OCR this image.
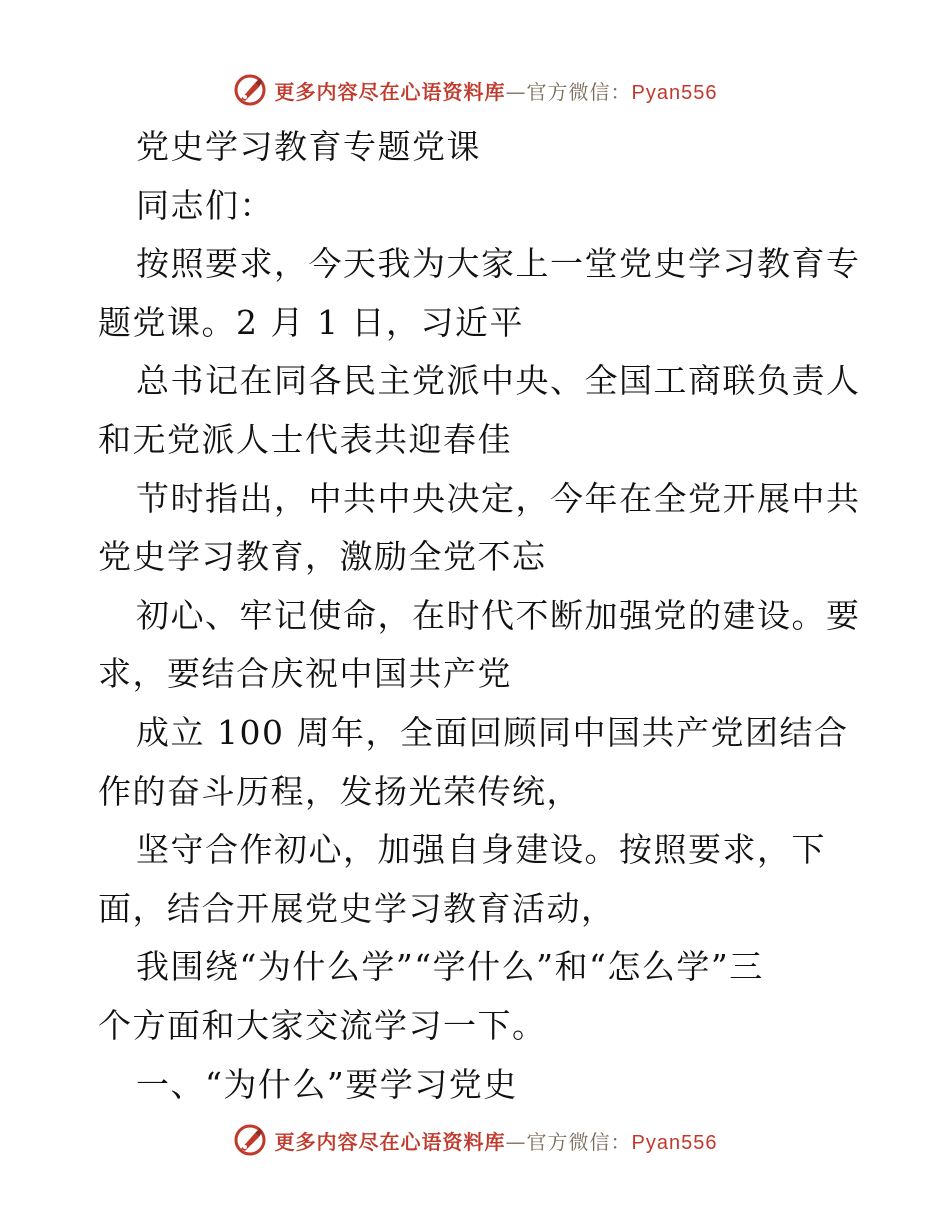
更多内容尽在心语资料库—官方微信：Pyan556
党史学习教育专题党课
同志们：
按照要求，今天我为大家上一堂党史学习教育专
题党课。2 月 1 日，习近平
总书记在同各民主党派中央、全国工商联负责人
和无党派人士代表共迎春佳
节时指出，中共中央决定，今年在全党开展中共
党史学习教育，激励全党不忘
初心、牢记使命，在时代不断加强党的建设。要
求，要结合庆祝中国共产党
成立 100 周年，全面回顾同中国共产党团结合
作的奋斗历程，发扬光荣传统，
坚守合作初心，加强自身建设。按照要求，下
面，结合开展党史学习教育活动，
我围绕“为什么学”“学什么”和“怎么学”三
个方面和大家交流学习一下。
一、“为什么”要学习党史
更多内容尽在心语资料库—官方微信：Pyan556
